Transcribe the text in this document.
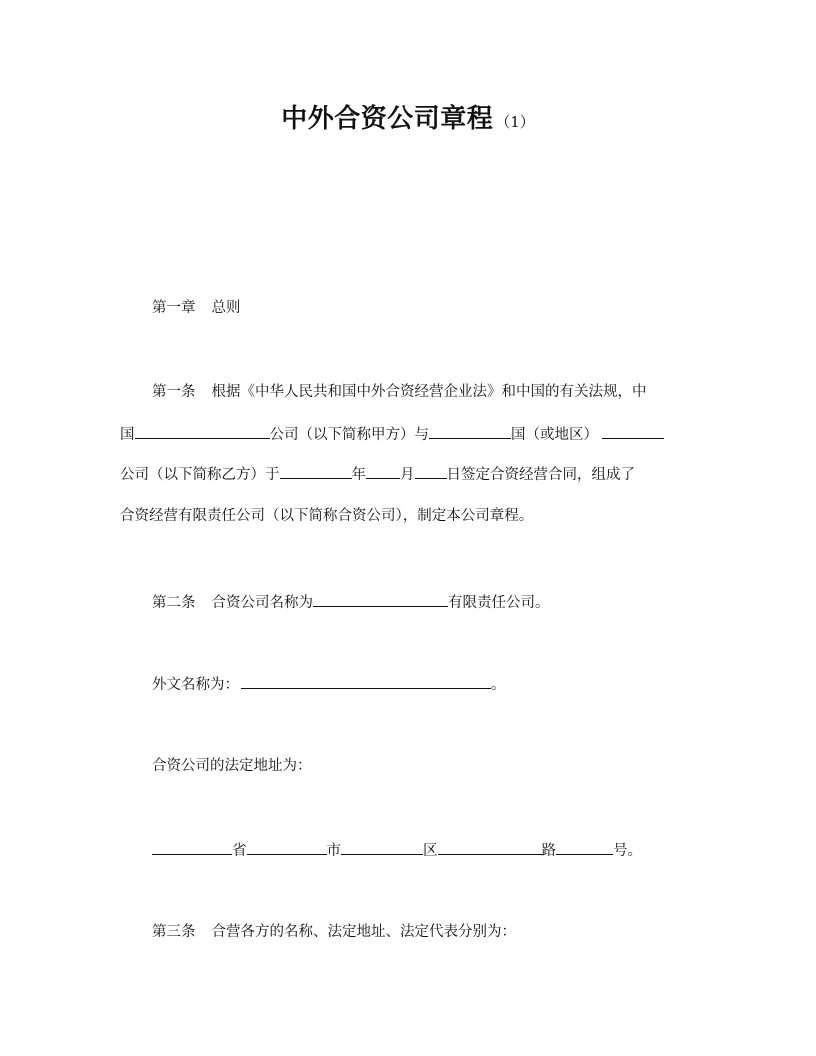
中外合资公司章程 （1）
第一章 总则
第一条 根据《中华人民共和国中外合资经营企业法》和中国的有关法规，中
国	公司（以下简称甲方）与	国（或地区）
公司（以下简称乙方）于	年 月 日签定合资经营合同，组成了
合资经营有限责任公司（以下简称合资公司），制定本公司章程。
第二条 合资公司名称为	有限责任公司。
外文名称为：	。
合资公司的法定地址为：
省	市	区	路	号。
第三条 合营各方的名称、法定地址、法定代表分别为：
